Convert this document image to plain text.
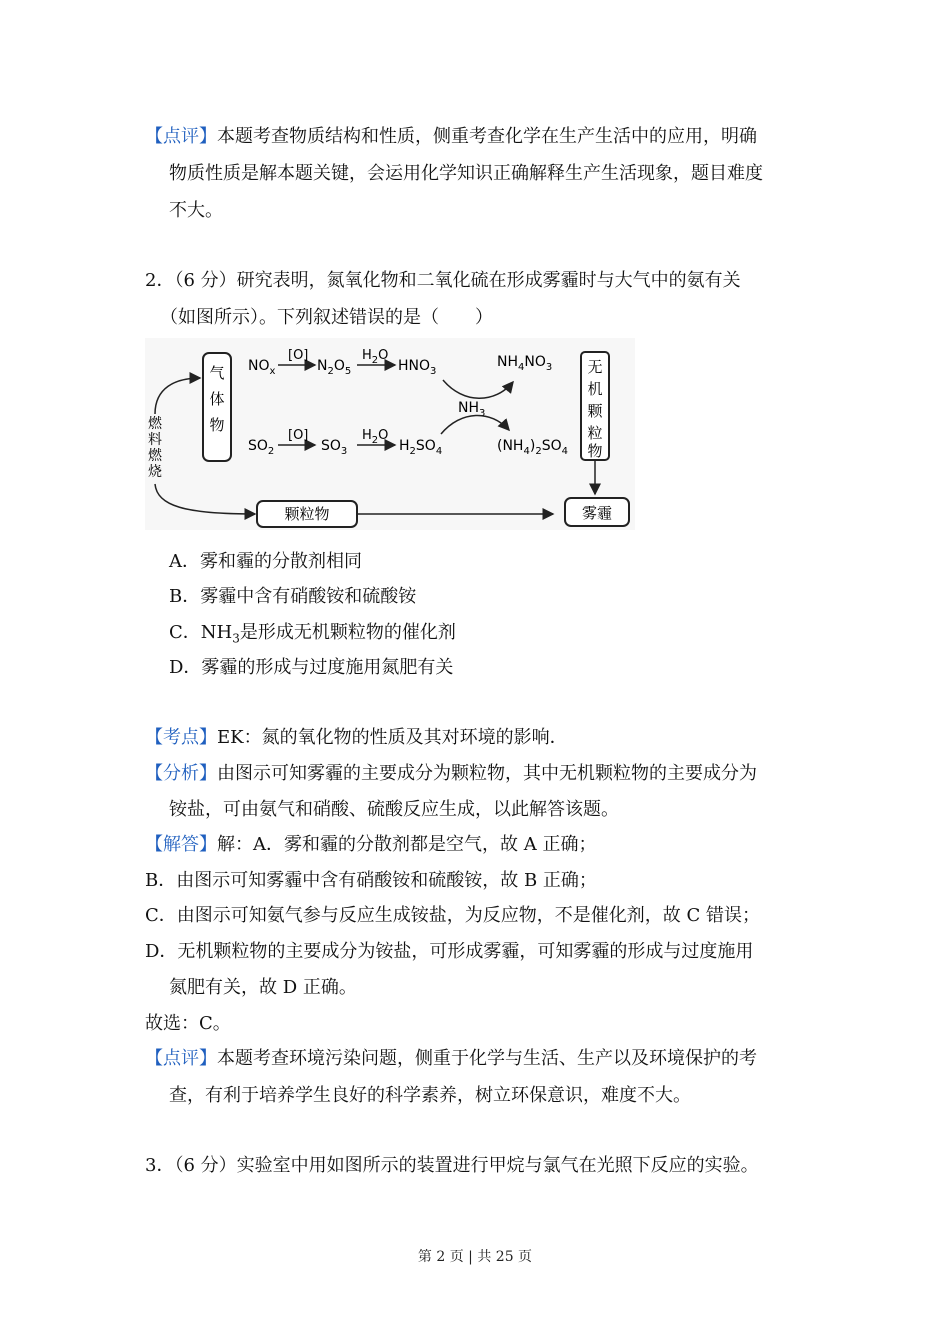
【点评】本题考查物质结构和性质，侧重考查化学在生产生活中的应用，明确
物质性质是解本题关键，会运用化学知识正确解释生产生活现象，题目难度
不大。
2．（6 分）研究表明，氮氧化物和二氧化硫在形成雾霾时与大气中的氨有关
（如图所示）。下列叙述错误的是（　　）
气
体
物
燃
料
燃
烧
$NO_x$
[O]
$N_2O_5$
$H_2O$
$HNO_3$
$NH_4NO_3$
$NH_3$
$SO_2$
[O]
$SO_3$
$H_2O$
$H_2SO_4$	$(NH_4)_2SO_4$
无
机
颗
粒
物
颗粒物	雾霾
A．雾和霾的分散剂相同
B．雾霾中含有硝酸铵和硫酸铵
C．$NH_3$是形成无机颗粒物的催化剂
D．雾霾的形成与过度施用氮肥有关
【考点】EK：氮的氧化物的性质及其对环境的影响．
【分析】由图示可知雾霾的主要成分为颗粒物，其中无机颗粒物的主要成分为
铵盐，可由氨气和硝酸、硫酸反应生成，以此解答该题。
【解答】解：A．雾和霾的分散剂都是空气，故 A 正确；
B．由图示可知雾霾中含有硝酸铵和硫酸铵，故 B 正确；
C．由图示可知氨气参与反应生成铵盐，为反应物，不是催化剂，故 C 错误；
D．无机颗粒物的主要成分为铵盐，可形成雾霾，可知雾霾的形成与过度施用
氮肥有关，故 D 正确。
故选：C。
【点评】本题考查环境污染问题，侧重于化学与生活、生产以及环境保护的考
查，有利于培养学生良好的科学素养，树立环保意识，难度不大。
3．（6 分）实验室中用如图所示的装置进行甲烷与氯气在光照下反应的实验。
第 2 页 | 共 25 页
